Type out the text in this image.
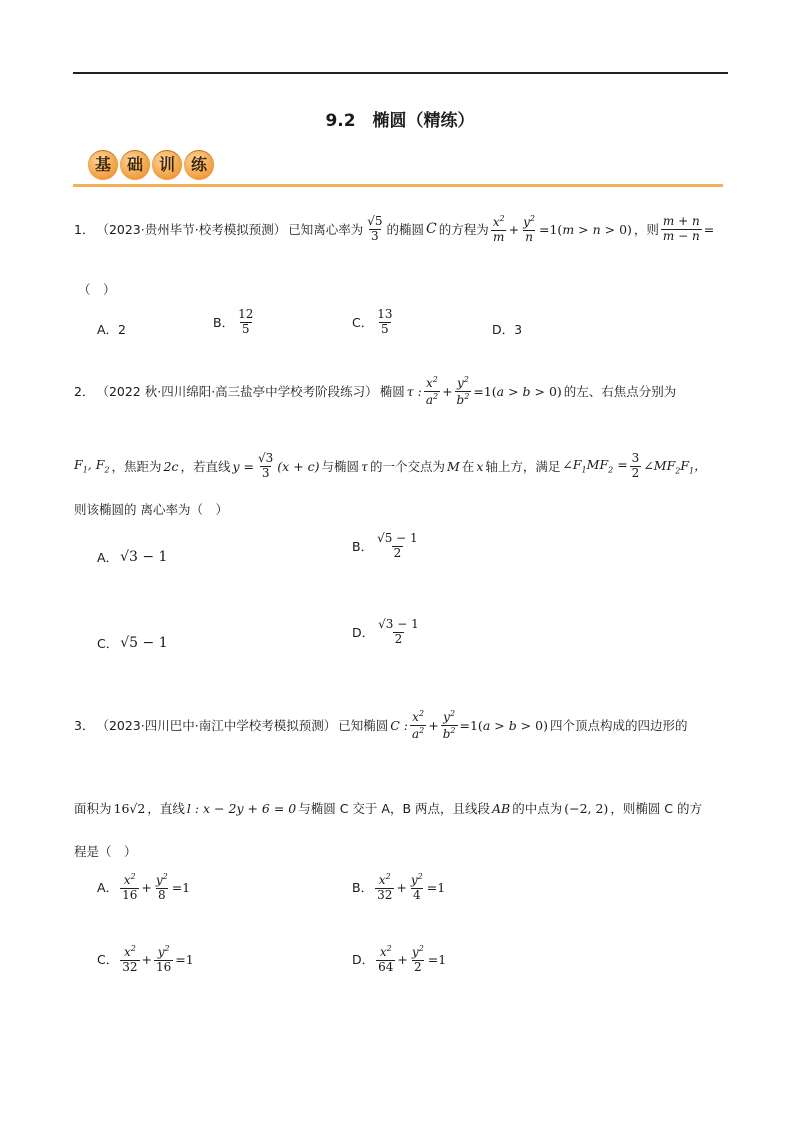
9.2　椭圆（精练）
基 础 训 练
1． （2023·贵州毕节·校考模拟预测） 已知离心率为 $\frac{√5}{3}$ 的椭圆 C 的方程为 $\frac{x^2}{m} + \frac{y^2}{n} =1(m > n > 0)$ ，则 $\frac{m + n}{m - n}$ =
（　）
A．2	B． $\frac{12}{5}$	C． $\frac{13}{5}$	D．3
2． （2022 秋·四川绵阳·高三盐亭中学校考阶段练习） 椭圆 τ : $\frac{x^2}{a^2} + \frac{y^2}{b^2} =1(a > b > 0)$ 的左、右焦点分别为
$F_1$, $F_2$ ，焦距为 2c ，若直线 $y = \frac{√3}{3} (x + c)$ 与椭圆 τ 的一个交点为 M 在 x 轴上方，满足 $\angle F_1MF_2 = \frac{3}{2}$ $\angle MF_2F_1$，
则该椭圆的 离心率为（　）
A． √3 − 1
B． $\frac{√5 - 1}{2}$
C． √5 − 1
D． $\frac{√3 - 1}{2}$
3． （2023·四川巴中·南江中学校考模拟预测） 已知椭圆 C : $\frac{x^2}{a^2} + \frac{y^2}{b^2} =1(a > b > 0)$ 四个顶点构成的四边形的
面积为 16√2 ，直线 l : x − 2y + 6 = 0 与椭圆 C 交于 A，B 两点，且线段 AB 的中点为 (−2, 2) ，则椭圆 C 的方
程是（　）
A． $\frac{x^2}{16} + \frac{y^2}{8} =1$	B． $\frac{x^2}{32} + \frac{y^2}{4} =1$
C． $\frac{x^2}{32} + \frac{y^2}{16} =1$	D． $\frac{x^2}{64} + \frac{y^2}{2} =1$
